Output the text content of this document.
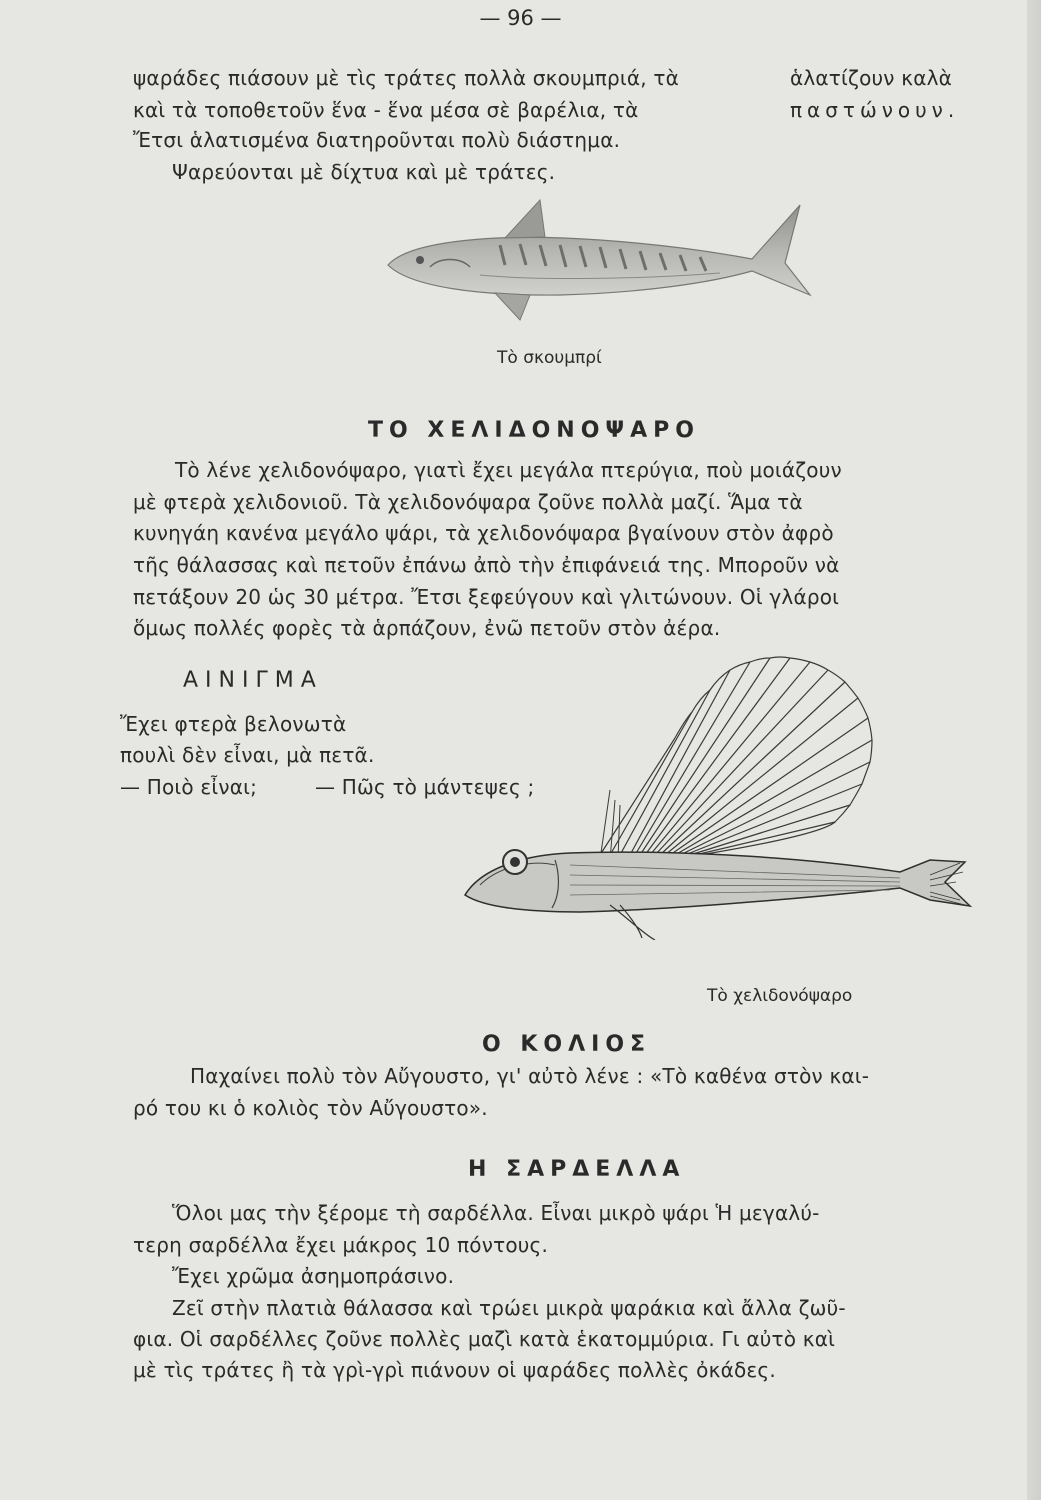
— 96 —
ψαράδες πιάσουν μὲ τὶς τράτες πολλὰ σκουμπριά, τὰ	ἁλατίζουν καλὰ
καὶ τὰ τοποθετοῦν ἕνα - ἕνα μέσα σὲ βαρέλια, τὰ	παστώνουν.
Ἔτσι ἁλατισμένα διατηροῦνται πολὺ διάστημα.
Ψαρεύονται μὲ δίχτυα καὶ μὲ τράτες.
Τὸ σκουμπρί
ΤΟ ΧΕΛΙΔΟΝΟΨΑΡΟ
Τὸ λένε χελιδονόψαρο, γιατὶ ἔχει μεγάλα πτερύγια, ποὺ μοιάζουν
μὲ φτερὰ χελιδονιοῦ. Τὰ χελιδονόψαρα ζοῦνε πολλὰ μαζί. Ἅμα τὰ
κυνηγάη κανένα μεγάλο ψάρι, τὰ χελιδονόψαρα βγαίνουν στὸν ἀφρὸ
τῆς θάλασσας καὶ πετοῦν ἐπάνω ἀπὸ τὴν ἐπιφάνειά της. Μποροῦν νὰ
πετάξουν 20 ὡς 30 μέτρα. Ἔτσι ξεφεύγουν καὶ γλιτώνουν. Οἱ γλάροι
ὅμως πολλές φορὲς τὰ ἁρπάζουν, ἐνῶ πετοῦν στὸν ἀέρα.
ΑΙΝΙΓΜΑ
Ἔχει φτερὰ βελονωτὰ
πουλὶ δὲν εἶναι, μὰ πετᾶ.
— Ποιὸ εἶναι;	— Πῶς τὸ μάντεψες ;
Τὸ χελιδονόψαρο
Ο ΚΟΛΙΟΣ
Παχαίνει πολὺ τὸν Αὔγουστο, γι' αὐτὸ λένε : «Τὸ καθένα στὸν και-
ρό του κι ὁ κολιὸς τὸν Αὔγουστο».
Η ΣΑΡΔΕΛΛΑ
Ὅλοι μας τὴν ξέρομε τὴ σαρδέλλα. Εἶναι μικρὸ ψάρι Ἡ μεγαλύ-
τερη σαρδέλλα ἔχει μάκρος 10 πόντους.
Ἔχει χρῶμα ἀσημοπράσινο.
Ζεῖ στὴν πλατιὰ θάλασσα καὶ τρώει μικρὰ ψαράκια καὶ ἄλλα ζωῦ-
φια. Οἱ σαρδέλλες ζοῦνε πολλὲς μαζὶ κατὰ ἑκατομμύρια. Γι αὐτὸ καὶ
μὲ τὶς τράτες ἢ τὰ γρὶ-γρὶ πιάνουν οἱ ψαράδες πολλὲς ὀκάδες.
